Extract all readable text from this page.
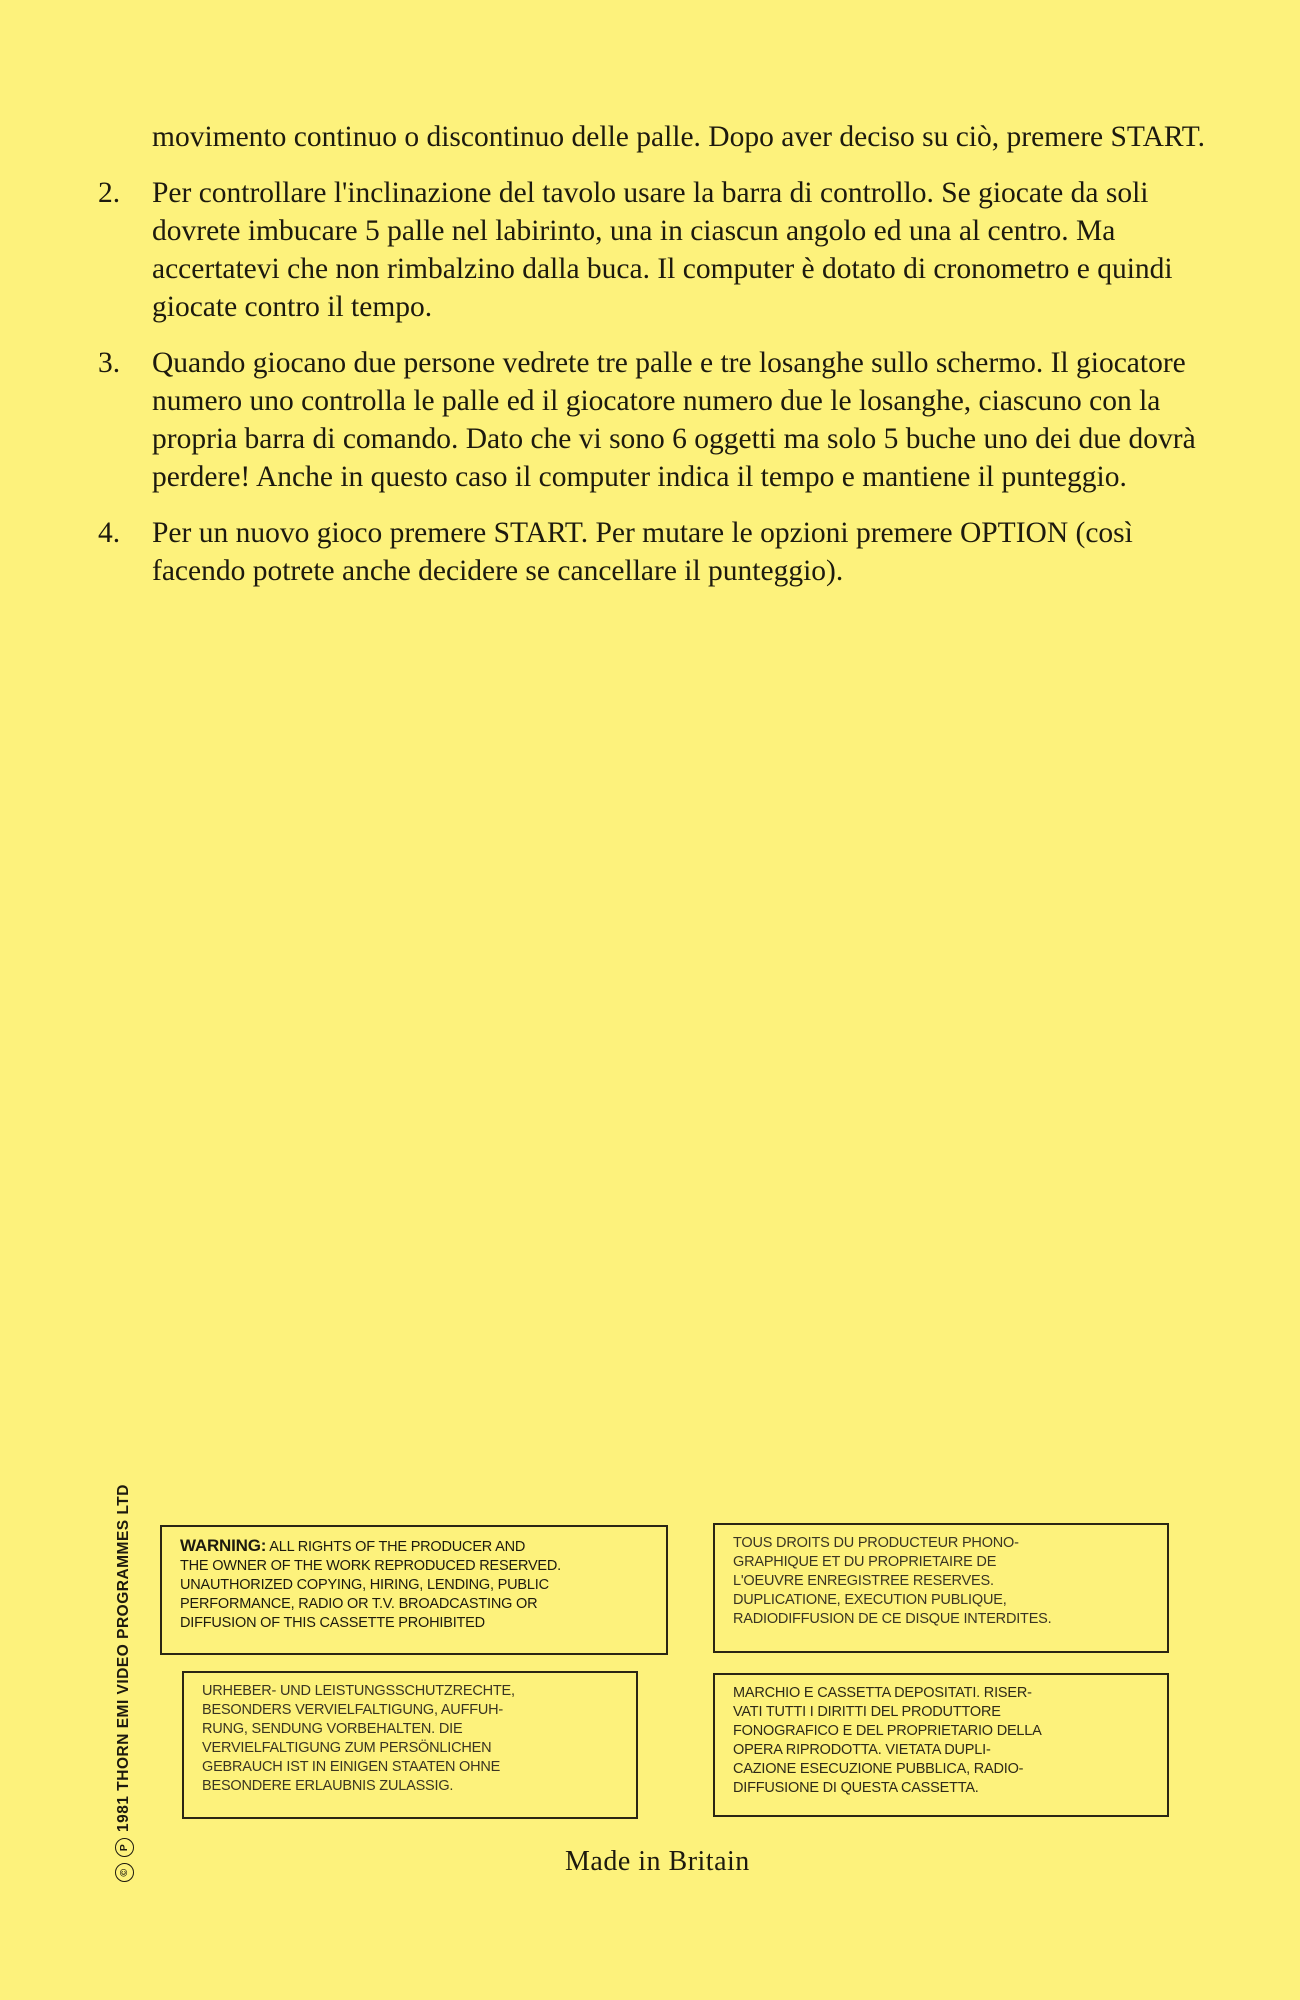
movimento continuo o discontinuo delle palle. Dopo aver deciso su ciò, premere START.

2.	Per controllare l'inclinazione del tavolo usare la barra di controllo. Se giocate da soli dovrete imbucare 5 palle nel labirinto, una in ciascun angolo ed una al centro. Ma accertatevi che non rimbalzino dalla buca. Il computer è dotato di cronometro e quindi giocate contro il tempo.
3.	Quando giocano due persone vedrete tre palle e tre losanghe sullo schermo. Il giocatore numero uno controlla le palle ed il giocatore numero due le losanghe, ciascuno con la propria barra di comando. Dato che vi sono 6 oggetti ma solo 5 buche uno dei due dovrà perdere! Anche in questo caso il computer indica il tempo e mantiene il punteggio.
4.	Per un nuovo gioco premere START. Per mutare le opzioni premere OPTION (così facendo potrete anche decidere se cancellare il punteggio).
©
P
1981 THORN EMI VIDEO PROGRAMMES LTD	WARNING: ALL RIGHTS OF THE PRODUCER AND
THE OWNER OF THE WORK REPRODUCED RESERVED.
UNAUTHORIZED COPYING, HIRING, LENDING, PUBLIC
PERFORMANCE, RADIO OR T.V. BROADCASTING OR
DIFFUSION OF THIS CASSETTE PROHIBITED
TOUS DROITS DU PRODUCTEUR PHONO-
GRAPHIQUE ET DU PROPRIETAIRE DE
L'OEUVRE ENREGISTREE RESERVES.
DUPLICATIONE, EXECUTION PUBLIQUE,
RADIODIFFUSION DE CE DISQUE INTERDITES.
URHEBER- UND LEISTUNGSSCHUTZRECHTE,
BESONDERS VERVIELFALTIGUNG, AUFFUH-
RUNG, SENDUNG VORBEHALTEN. DIE
VERVIELFALTIGUNG ZUM PERSÖNLICHEN
GEBRAUCH IST IN EINIGEN STAATEN OHNE
BESONDERE ERLAUBNIS ZULASSIG.
MARCHIO E CASSETTA DEPOSITATI. RISER-
VATI TUTTI I DIRITTI DEL PRODUTTORE
FONOGRAFICO E DEL PROPRIETARIO DELLA
OPERA RIPRODOTTA. VIETATA DUPLI-
CAZIONE ESECUZIONE PUBBLICA, RADIO-
DIFFUSIONE DI QUESTA CASSETTA.
Made in Britain
